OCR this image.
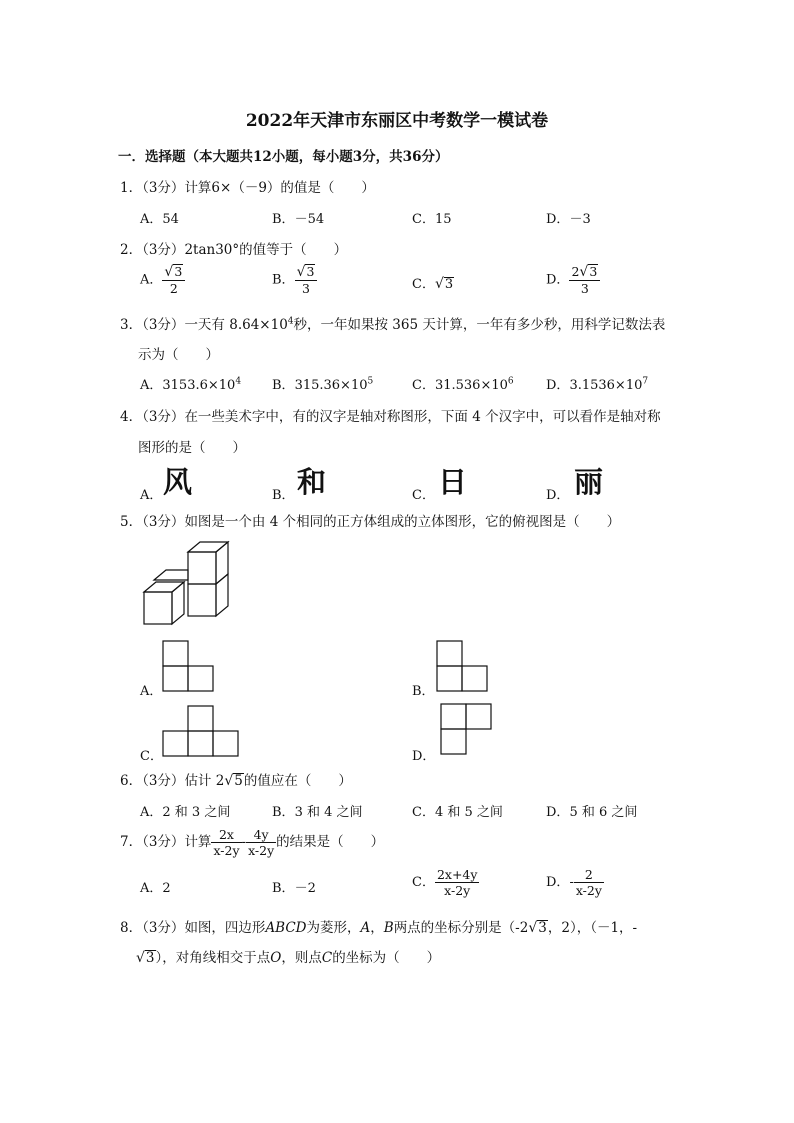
2022年天津市东丽区中考数学一模试卷
一．选择题（本大题共12小题，每小题3分，共36分）
1．（3分）计算6×（－9）的值是（　　）
A．54	B．－54	C．15	D．－3
2．（3分）2tan30°的值等于（　　）
A． $\frac{√3}{2}$	B． $\frac{√3}{3}$	C．√3	D． $\frac{2√3}{3}$
3．（3分）一天有 $8.64\times 10^4$秒，一年如果按 365 天计算，一年有多少秒，用科学记数法表
示为（　　）
A．$3153.6\times 10^4$ B．$315.36\times 10^5$	C．$31.536\times 10^6$ D．$3.1536\times 10^7$
4．（3分）在一些美术字中，有的汉字是轴对称图形，下面 4 个汉字中，可以看作是轴对称
图形的是（　　）
A． 风	B． 和	C． 日	D． 丽
5．（3分）如图是一个由 4 个相同的正方体组成的立体图形，它的俯视图是（　　）
A．	B．
C．	D．
6．（3分）估计 2√5的值应在（　　）
A．2 和 3 之间	B．3 和 4 之间	C．4 和 5 之间	D．5 和 6 之间
7．（3分）计算 $\frac{2x}{x-2y} - \frac{4y}{x-2y}$ 的结果是（　　）
A．2	B．－2	C． $\frac{2x+4y}{x-2y}$	D．- $\frac{2}{x-2y}$
8．（3分）如图，四边形ABCD为菱形，A，B两点的坐标分别是（-2√3，2），（－1，-
√3），对角线相交于点O，则点C的坐标为（　　）
